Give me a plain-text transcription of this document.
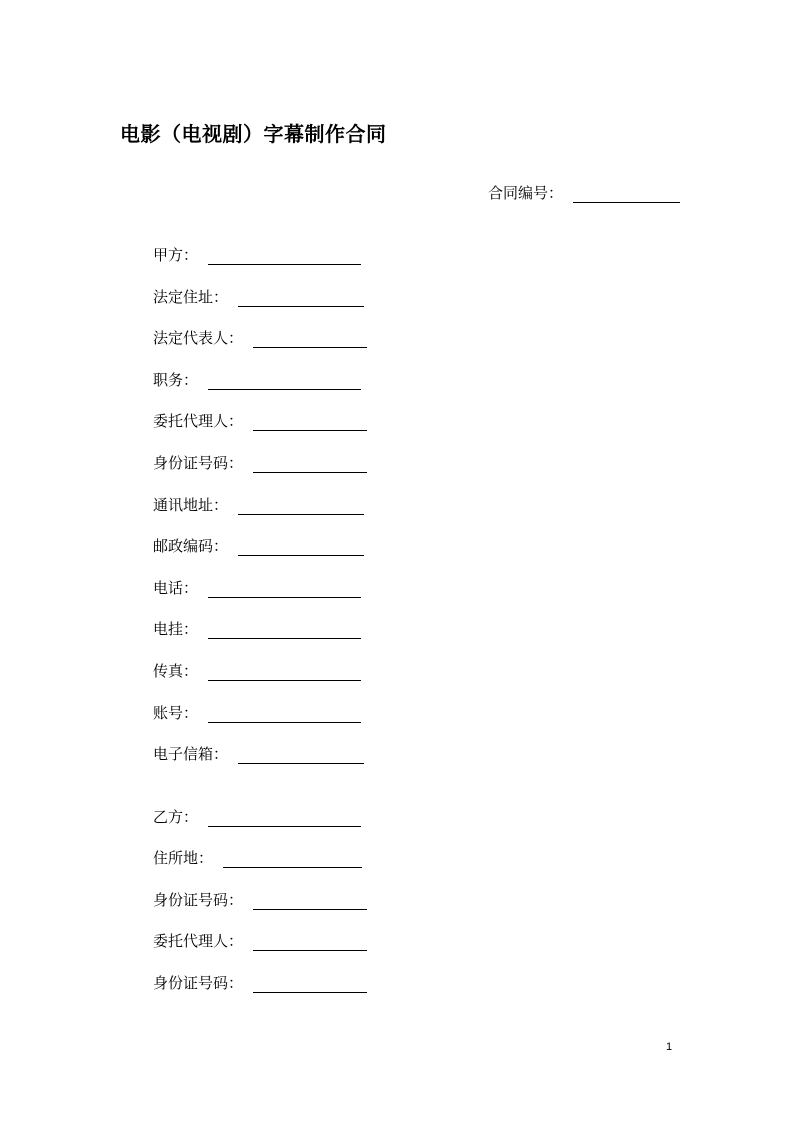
电影（电视剧）字幕制作合同
合同编号：
甲方：
法定住址：
法定代表人：
职务：
委托代理人：
身份证号码：
通讯地址：
邮政编码：
电话：
电挂：
传真：
账号：
电子信箱：
乙方：
住所地：
身份证号码：
委托代理人：
身份证号码：
1
